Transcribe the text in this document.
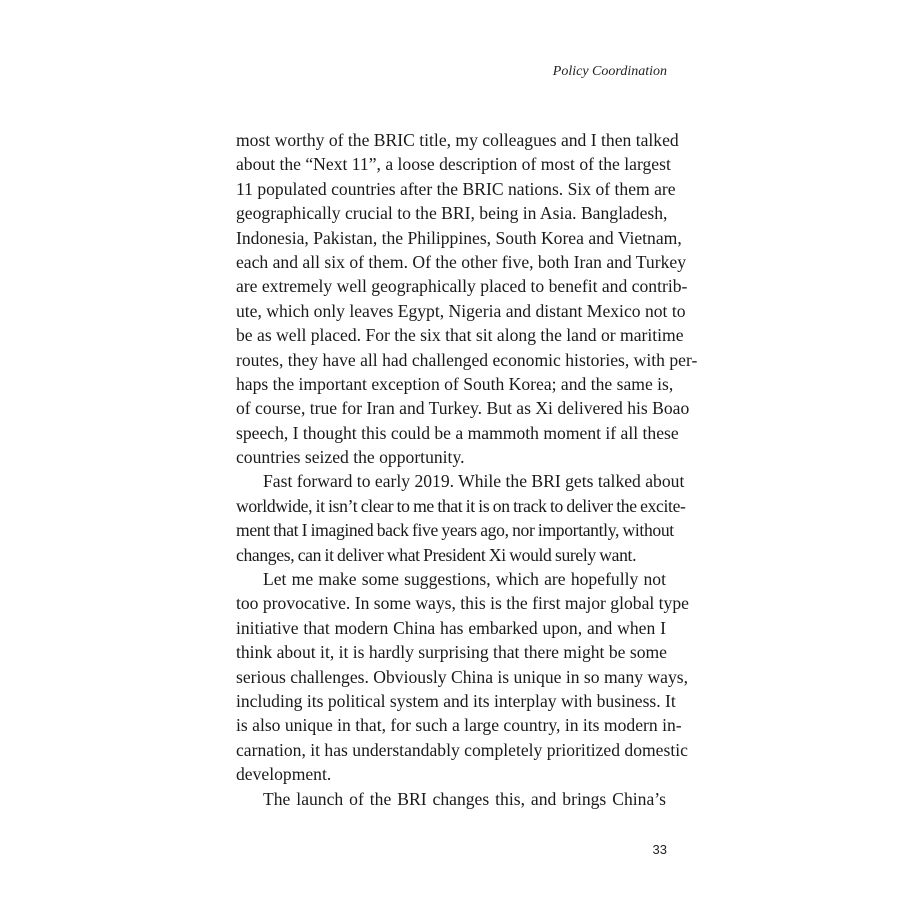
Policy Coordination

most worthy of the BRIC title, my colleagues and I then talked
about the “Next 11”, a loose description of most of the largest
11 populated countries after the BRIC nations. Six of them are
geographically crucial to the BRI, being in Asia. Bangladesh,
Indonesia, Pakistan, the Philippines, South Korea and Vietnam,
each and all six of them. Of the other five, both Iran and Turkey
are extremely well geographically placed to benefit and contrib-
ute, which only leaves Egypt, Nigeria and distant Mexico not to
be as well placed. For the six that sit along the land or maritime
routes, they have all had challenged economic histories, with per-
haps the important exception of South Korea; and the same is,
of course, true for Iran and Turkey. But as Xi delivered his Boao
speech, I thought this could be a mammoth moment if all these
countries seized the opportunity.
Fast forward to early 2019. While the BRI gets talked about
worldwide, it isn’t clear to me that it is on track to deliver the excite-
ment that I imagined back five years ago, nor importantly, without
changes, can it deliver what President Xi would surely want.
Let me make some suggestions, which are hopefully not
too provocative. In some ways, this is the first major global type
initiative that modern China has embarked upon, and when I
think about it, it is hardly surprising that there might be some
serious challenges. Obviously China is unique in so many ways,
including its political system and its interplay with business. It
is also unique in that, for such a large country, in its modern in-
carnation, it has understandably completely prioritized domestic
development.
The launch of the BRI changes this, and brings China’s

33
